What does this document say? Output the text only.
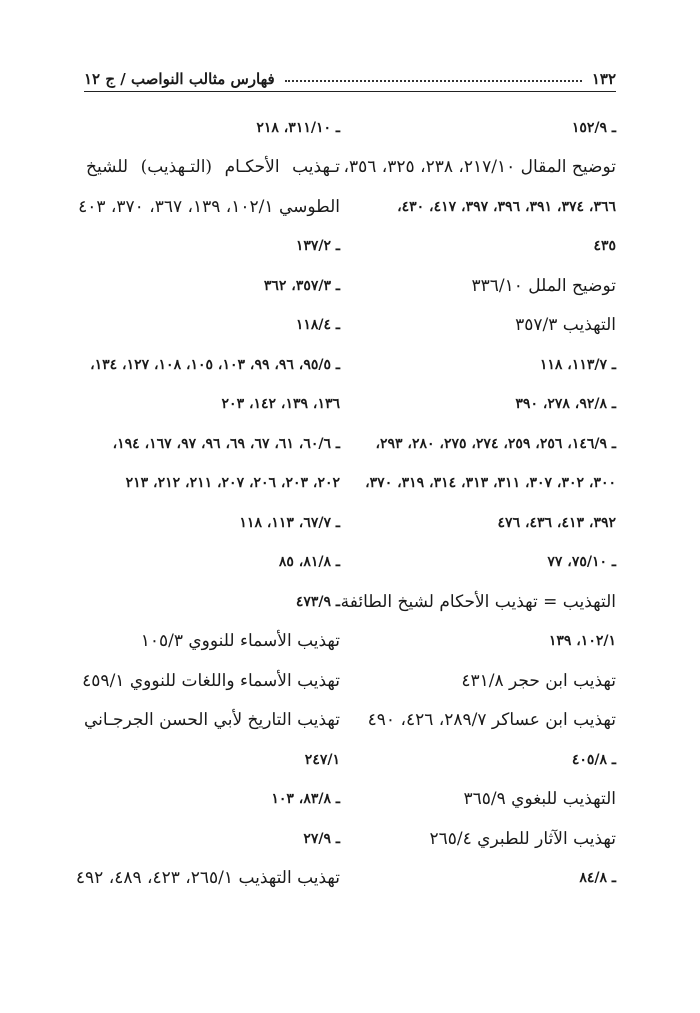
١٣٢
فهارس مثالب النواصب / ج ١٢
ـ ١٥٢/٩
توضيح المقال ٢١٧/١٠، ٢٣٨، ٣٢٥، ٣٥٦،
٣٦٦، ٣٧٤، ٣٩١، ٣٩٦، ٣٩٧، ٤١٧، ٤٣٠،
٤٣٥
توضيح الملل ٣٣٦/١٠
التهذيب ٣٥٧/٣
ـ ١١٣/٧، ١١٨
ـ ٩٢/٨، ٢٧٨، ٣٩٠
ـ ١٤٦/٩، ٢٥٦، ٢٥٩، ٢٧٤، ٢٧٥، ٢٨٠، ٢٩٣،
٣٠٠، ٣٠٢، ٣٠٧، ٣١١، ٣١٣، ٣١٤، ٣١٩، ٣٧٠،
٣٩٢، ٤١٣، ٤٣٦، ٤٧٦
ـ ٧٥/١٠، ٧٧
التهذيب = تهذيب الأحكام لشيخ الطائفة
١٠٢/١، ١٣٩
تهذيب ابن حجر ٤٣١/٨
تهذيب ابن عساكر ٢٨٩/٧، ٤٢٦، ٤٩٠
ـ ٤٠٥/٨
التهذيب للبغوي ٣٦٥/٩
تهذيب الآثار للطبري ٢٦٥/٤
ـ ٨٤/٨
ـ ٣١١/١٠، ٢١٨
تـهذيب الأحكـام (التـهذيب) للشيخ
الطوسي ١٠٢/١، ١٣٩، ٣٦٧، ٣٧٠، ٤٠٣
ـ ١٣٧/٢
ـ ٣٥٧/٣، ٣٦٢
ـ ١١٨/٤
ـ ٩٥/٥، ٩٦، ٩٩، ١٠٣، ١٠٥، ١٠٨، ١٢٧، ١٣٤،
١٣٦، ١٣٩، ١٤٢، ٢٠٣
ـ ٦٠/٦، ٦١، ٦٧، ٦٩، ٩٦، ٩٧، ١٦٧، ١٩٤،
٢٠٢، ٢٠٣، ٢٠٦، ٢٠٧، ٢١١، ٢١٢، ٢١٣
ـ ٦٧/٧، ١١٣، ١١٨
ـ ٨١/٨، ٨٥
ـ ٤٧٣/٩
تهذيب الأسماء للنووي ١٠٥/٣
تهذيب الأسماء واللغات للنووي ٤٥٩/١
تهذيب التاريخ لأبي الحسن الجرجـاني
٢٤٧/١
ـ ٨٣/٨، ١٠٣
ـ ٢٧/٩
تهذيب التهذيب ٢٦٥/١، ٤٢٣، ٤٨٩، ٤٩٢
